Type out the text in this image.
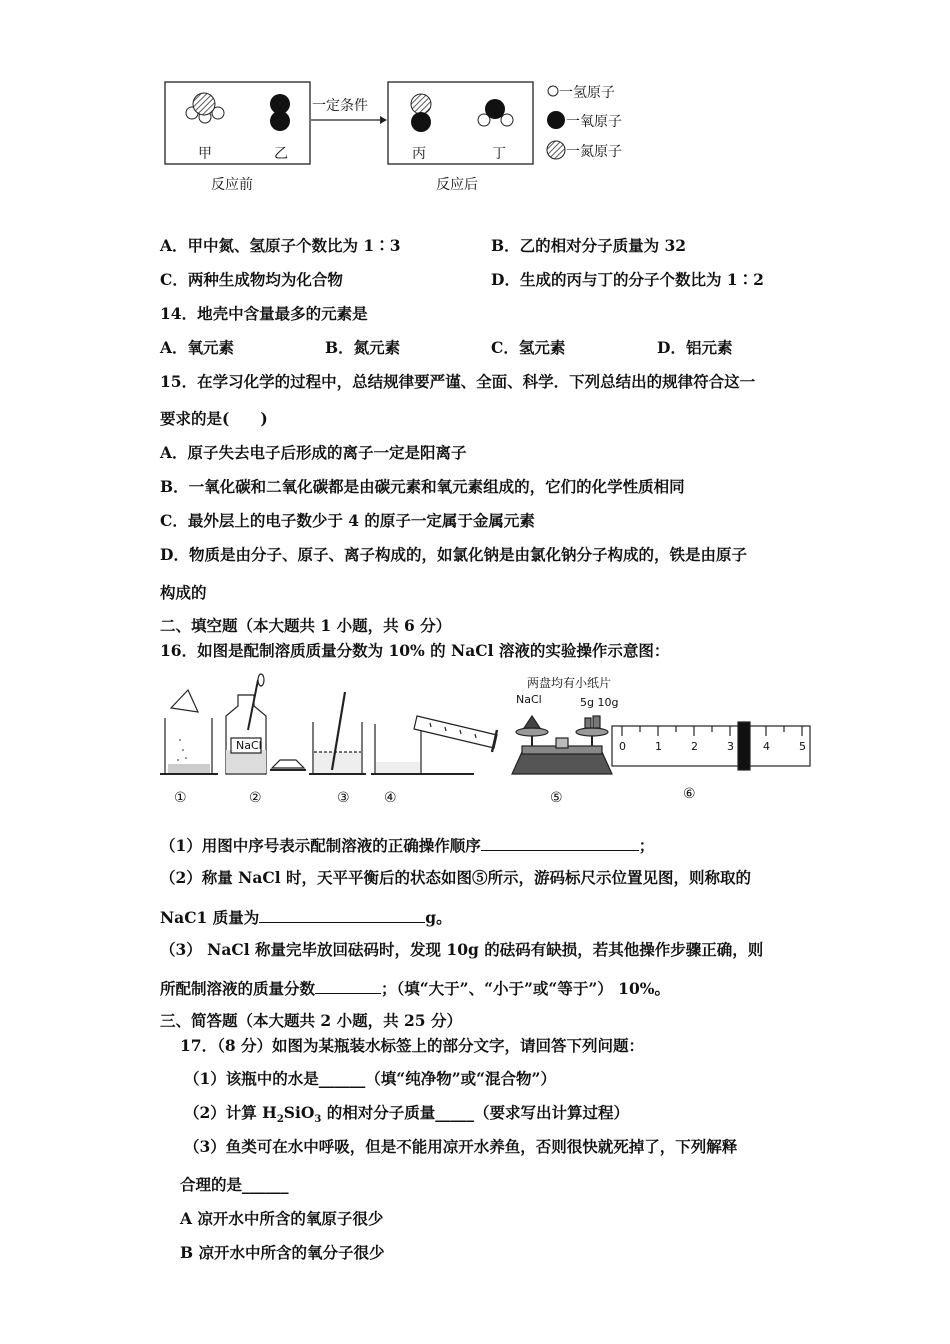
甲	乙	丙	丁
一定条件
反应前	反应后
一氢原子
一氧原子
一氮原子
A．甲中氮、氢原子个数比为 1∶3	B．乙的相对分子质量为 32
C．两种生成物均为化合物	D．生成的丙与丁的分子个数比为 1∶2
14．地壳中含量最多的元素是
A．氧元素	B．氮元素	C．氢元素	D．铝元素
15．在学习化学的过程中，总结规律要严谨、全面、科学．下列总结出的规律符合这一
要求的是(　　)
A．原子失去电子后形成的离子一定是阳离子
B．一氧化碳和二氧化碳都是由碳元素和氧元素组成的，它们的化学性质相同
C．最外层上的电子数少于 4 的原子一定属于金属元素
D．物质是由分子、原子、离子构成的，如氯化钠是由氯化钠分子构成的，铁是由原子
构成的
二、填空题（本大题共 1 小题，共 6 分）
16．如图是配制溶质质量分数为 10% 的 NaCl 溶液的实验操作示意图：
NaCl
两盘均有小纸片
NaCl	5g 10g
0	1	2	3	4	5
①	②	③ ④	⑤	⑥
（1）用图中序号表示配制溶液的正确操作顺序	；
（2）称量 NaCl 时，天平平衡后的状态如图⑤所示，游码标尺示位置见图，则称取的
NaC1 质量为	g。
（3） NaCl 称量完毕放回砝码时，发现 10g 的砝码有缺损，若其他操作步骤正确，则
所配制溶液的质量分数	；（填“大于”、“小于”或“等于”） 10%。
三、简答题（本大题共 2 小题，共 25 分）
17．（8 分）如图为某瓶装水标签上的部分文字，请回答下列问题：
（1）该瓶中的水是______（填“纯净物”或“混合物”）
（2）计算 $H_2SiO_3$ 的相对分子质量_____（要求写出计算过程）
（3）鱼类可在水中呼吸，但是不能用凉开水养鱼，否则很快就死掉了，下列解释
合理的是______
A 凉开水中所含的氧原子很少
B 凉开水中所含的氧分子很少
